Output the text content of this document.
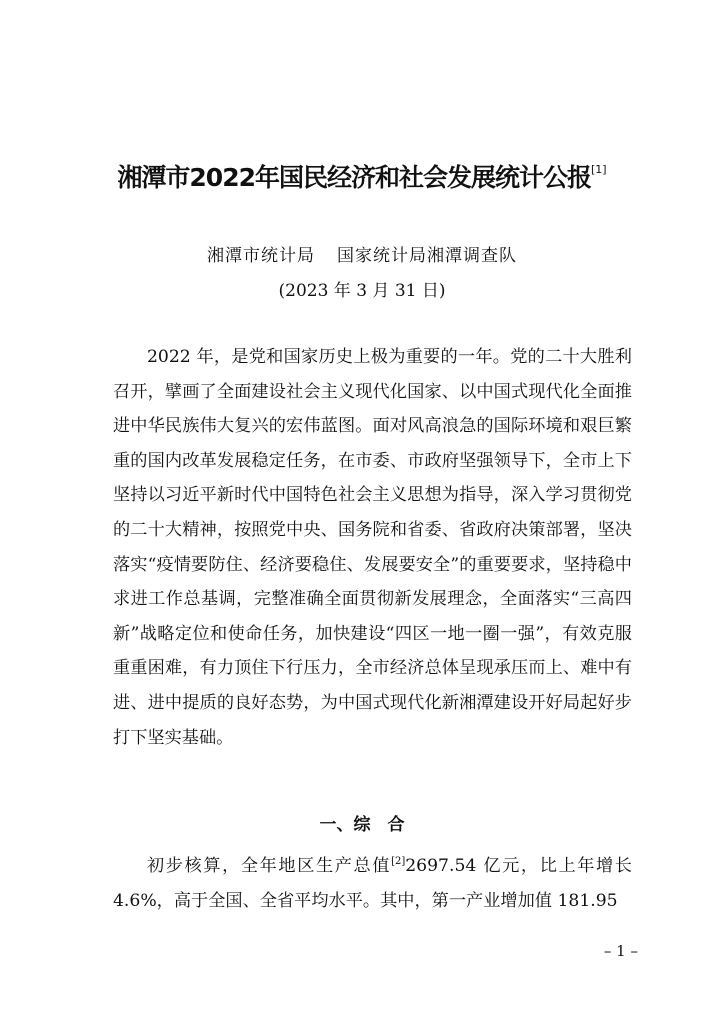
湘潭市2022年国民经济和社会发展统计公报[1]
湘潭市统计局 国家统计局湘潭调查队
(2023 年 3 月 31 日)

2022 年，是党和国家历史上极为重要的一年。党的二十大胜利召开，擘画了全面建设社会主义现代化国家、以中国式现代化全面推进中华民族伟大复兴的宏伟蓝图。面对风高浪急的国际环境和艰巨繁重的国内改革发展稳定任务，在市委、市政府坚强领导下，全市上下坚持以习近平新时代中国特色社会主义思想为指导，深入学习贯彻党的二十大精神，按照党中央、国务院和省委、省政府决策部署，坚决落实“疫情要防住、经济要稳住、发展要安全”的重要要求，坚持稳中求进工作总基调，完整准确全面贯彻新发展理念，全面落实“三高四新”战略定位和使命任务，加快建设“四区一地一圈一强”，有效克服重重困难，有力顶住下行压力，全市经济总体呈现承压而上、难中有进、进中提质的良好态势，为中国式现代化新湘潭建设开好局起好步打下坚实基础。

一、综　合

初步核算，全年地区生产总值[2]2697.54 亿元，比上年增长 4.6%，高于全国、全省平均水平。其中，第一产业增加值 181.95

– 1 –
